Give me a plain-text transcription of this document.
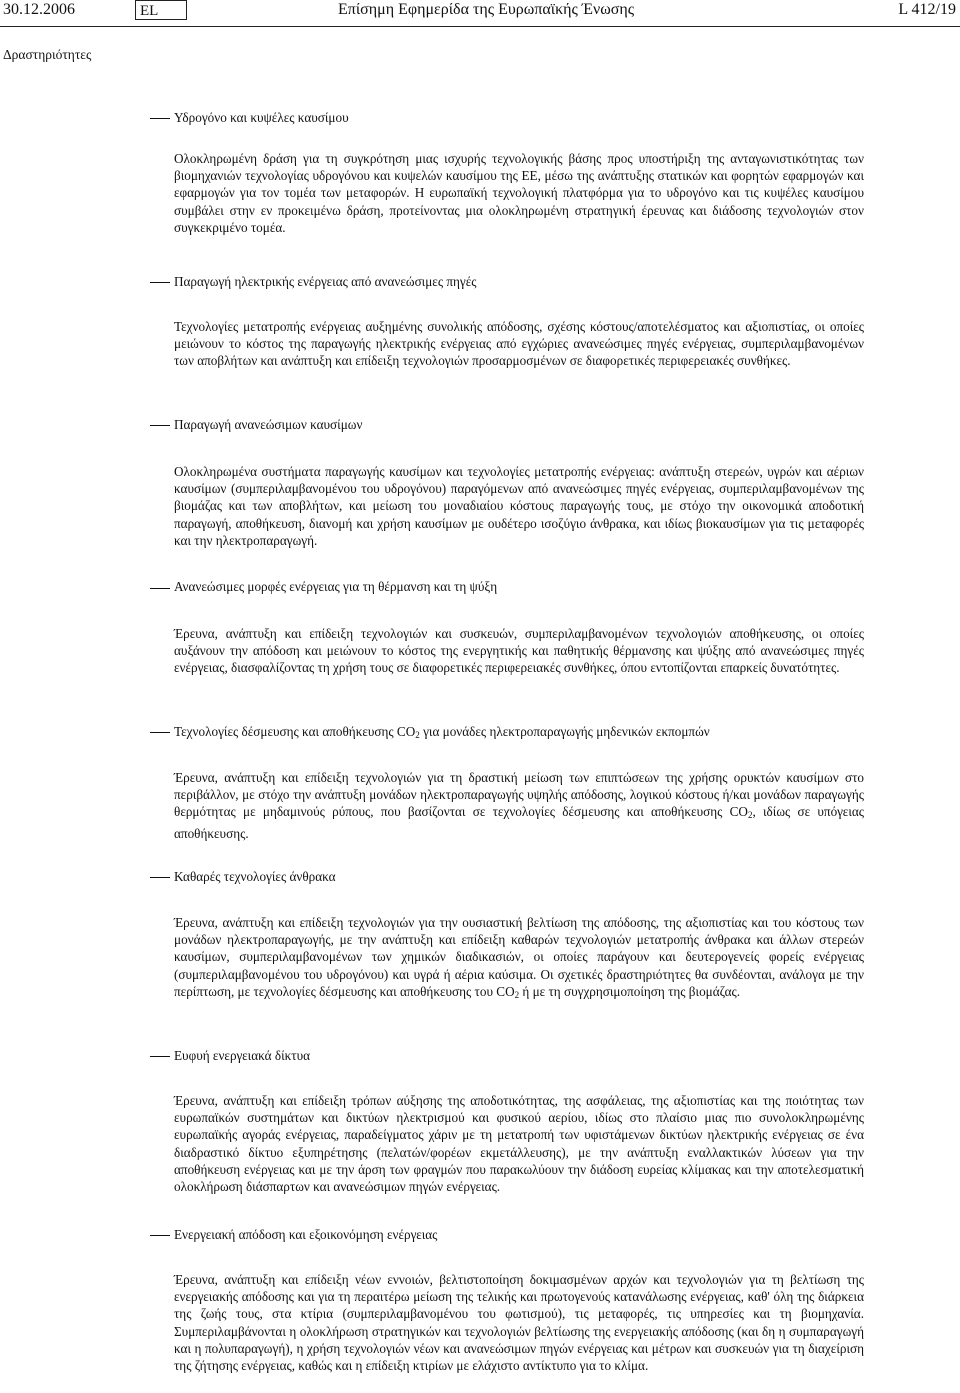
30.12.2006	EL	Επίσημη Εφημερίδα της Ευρωπαϊκής Ένωσης	L 412/19
Δραστηριότητες
Υδρογόνο και κυψέλες καυσίμου
Ολοκληρωμένη δράση για τη συγκρότηση μιας ισχυρής τεχνολογικής βάσης προς υποστήριξη της ανταγωνιστικότητας των βιομηχανιών τεχνολογίας υδρογόνου και κυψελών καυσίμου της ΕΕ, μέσω της ανάπτυξης στατικών και φορητών εφαρμογών και εφαρμογών για τον τομέα των μεταφορών. Η ευρωπαϊκή τεχνολογική πλατφόρμα για το υδρογόνο και τις κυψέλες καυσίμου συμβάλει στην εν προκειμένω δράση, προτείνοντας μια ολοκληρωμένη στρατηγική έρευνας και διάδοσης τεχνολογιών στον συγκεκριμένο τομέα.
Παραγωγή ηλεκτρικής ενέργειας από ανανεώσιμες πηγές
Τεχνολογίες μετατροπής ενέργειας αυξημένης συνολικής απόδοσης, σχέσης κόστους/αποτελέσματος και αξιοπιστίας, οι οποίες μειώνουν το κόστος της παραγωγής ηλεκτρικής ενέργειας από εγχώριες ανανεώσιμες πηγές ενέργειας, συμπεριλαμβανομένων των αποβλήτων και ανάπτυξη και επίδειξη τεχνολογιών προσαρμοσμένων σε διαφορετικές περιφερειακές συνθήκες.
Παραγωγή ανανεώσιμων καυσίμων
Ολοκληρωμένα συστήματα παραγωγής καυσίμων και τεχνολογίες μετατροπής ενέργειας: ανάπτυξη στερεών, υγρών και αέριων καυσίμων (συμπεριλαμβανομένου του υδρογόνου) παραγόμενων από ανανεώσιμες πηγές ενέργειας, συμπεριλαμβανομένων της βιομάζας και των αποβλήτων, και μείωση του μοναδιαίου κόστους παραγωγής τους, με στόχο την οικονομικά αποδοτική παραγωγή, αποθήκευση, διανομή και χρήση καυσίμων με ουδέτερο ισοζύγιο άνθρακα, και ιδίως βιοκαυσίμων για τις μεταφορές και την ηλεκτροπαραγωγή.
Ανανεώσιμες μορφές ενέργειας για τη θέρμανση και τη ψύξη
Έρευνα, ανάπτυξη και επίδειξη τεχνολογιών και συσκευών, συμπεριλαμβανομένων τεχνολογιών αποθήκευσης, οι οποίες αυξάνουν την απόδοση και μειώνουν το κόστος της ενεργητικής και παθητικής θέρμανσης και ψύξης από ανανεώσιμες πηγές ενέργειας, διασφαλίζοντας τη χρήση τους σε διαφορετικές περιφερειακές συνθήκες, όπου εντοπίζονται επαρκείς δυνατότητες.
Τεχνολογίες δέσμευσης και αποθήκευσης $CO_2$ για μονάδες ηλεκτροπαραγωγής μηδενικών εκπομπών
Έρευνα, ανάπτυξη και επίδειξη τεχνολογιών για τη δραστική μείωση των επιπτώσεων της χρήσης ορυκτών καυσίμων στο περιβάλλον, με στόχο την ανάπτυξη μονάδων ηλεκτροπαραγωγής υψηλής απόδοσης, λογικού κόστους ή/και μονάδων παραγωγής θερμότητας με μηδαμινούς ρύπους, που βασίζονται σε τεχνολογίες δέσμευσης και αποθήκευσης $CO_2$, ιδίως σε υπόγειας αποθήκευσης.
Καθαρές τεχνολογίες άνθρακα
Έρευνα, ανάπτυξη και επίδειξη τεχνολογιών για την ουσιαστική βελτίωση της απόδοσης, της αξιοπιστίας και του κόστους των μονάδων ηλεκτροπαραγωγής, με την ανάπτυξη και επίδειξη καθαρών τεχνολογιών μετατροπής άνθρακα και άλλων στερεών καυσίμων, συμπεριλαμβανομένων των χημικών διαδικασιών, οι οποίες παράγουν και δευτερογενείς φορείς ενέργειας (συμπεριλαμβανομένου του υδρογόνου) και υγρά ή αέρια καύσιμα. Οι σχετικές δραστηριότητες θα συνδέονται, ανάλογα με την περίπτωση, με τεχνολογίες δέσμευσης και αποθήκευσης του $CO_2$ ή με τη συγχρησιμοποίηση της βιομάζας.
Ευφυή ενεργειακά δίκτυα
Έρευνα, ανάπτυξη και επίδειξη τρόπων αύξησης της αποδοτικότητας, της ασφάλειας, της αξιοπιστίας και της ποιότητας των ευρωπαϊκών συστημάτων και δικτύων ηλεκτρισμού και φυσικού αερίου, ιδίως στο πλαίσιο μιας πιο συνολοκληρωμένης ευρωπαϊκής αγοράς ενέργειας, παραδείγματος χάριν με τη μετατροπή των υφιστάμενων δικτύων ηλεκτρικής ενέργειας σε ένα διαδραστικό δίκτυο εξυπηρέτησης (πελατών/φορέων εκμετάλλευσης), με την ανάπτυξη εναλλακτικών λύσεων για την αποθήκευση ενέργειας και με την άρση των φραγμών που παρακωλύουν την διάδοση ευρείας κλίμακας και την αποτελεσματική ολοκλήρωση διάσπαρτων και ανανεώσιμων πηγών ενέργειας.
Ενεργειακή απόδοση και εξοικονόμηση ενέργειας
Έρευνα, ανάπτυξη και επίδειξη νέων εννοιών, βελτιστοποίηση δοκιμασμένων αρχών και τεχνολογιών για τη βελτίωση της ενεργειακής απόδοσης και για τη περαιτέρω μείωση της τελικής και πρωτογενούς κατανάλωσης ενέργειας, καθ' όλη της διάρκεια της ζωής τους, στα κτίρια (συμπεριλαμβανομένου του φωτισμού), τις μεταφορές, τις υπηρεσίες και τη βιομηχανία. Συμπεριλαμβάνονται η ολοκλήρωση στρατηγικών και τεχνολογιών βελτίωσης της ενεργειακής απόδοσης (και δη η συμπαραγωγή και η πολυπαραγωγή), η χρήση τεχνολογιών νέων και ανανεώσιμων πηγών ενέργειας και μέτρων και συσκευών για τη διαχείριση της ζήτησης ενέργειας, καθώς και η επίδειξη κτιρίων με ελάχιστο αντίκτυπο για το κλίμα.
